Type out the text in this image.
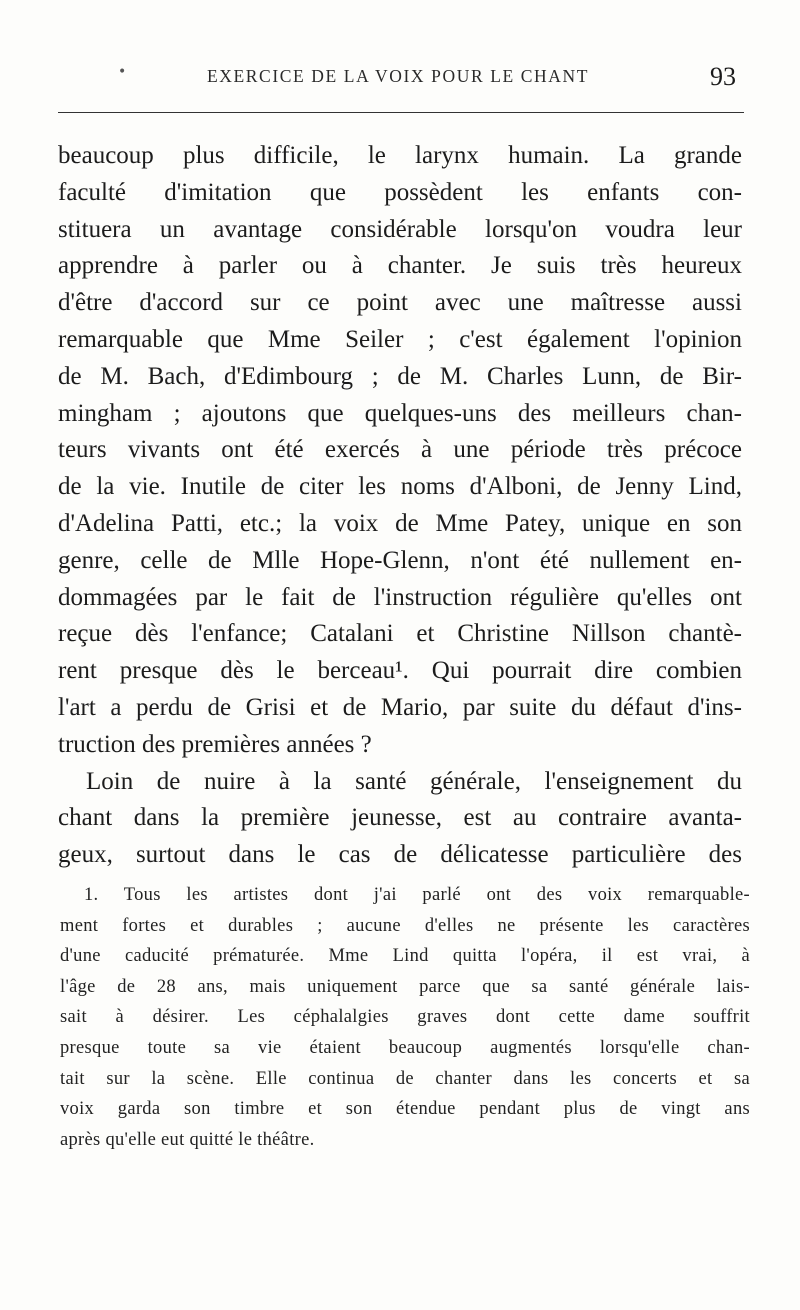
•	EXERCICE DE LA VOIX POUR LE CHANT	93
beaucoup plus difficile, le larynx humain. La grande
faculté d'imitation que possèdent les enfants con-
stituera un avantage considérable lorsqu'on voudra leur
apprendre à parler ou à chanter. Je suis très heureux
d'être d'accord sur ce point avec une maîtresse aussi
remarquable que Mme Seiler ; c'est également l'opinion
de M. Bach, d'Edimbourg ; de M. Charles Lunn, de Bir-
mingham ; ajoutons que quelques-uns des meilleurs chan-
teurs vivants ont été exercés à une période très précoce
de la vie. Inutile de citer les noms d'Alboni, de Jenny Lind,
d'Adelina Patti, etc.; la voix de Mme Patey, unique en son
genre, celle de Mlle Hope-Glenn, n'ont été nullement en-
dommagées par le fait de l'instruction régulière qu'elles ont
reçue dès l'enfance; Catalani et Christine Nillson chantè-
rent presque dès le berceau¹. Qui pourrait dire combien
l'art a perdu de Grisi et de Mario, par suite du défaut d'ins-
truction des premières années ?
Loin de nuire à la santé générale, l'enseignement du
chant dans la première jeunesse, est au contraire avanta-
geux, surtout dans le cas de délicatesse particulière des
1. Tous les artistes dont j'ai parlé ont des voix remarquable-
ment fortes et durables ; aucune d'elles ne présente les caractères
d'une caducité prématurée. Mme Lind quitta l'opéra, il est vrai, à
l'âge de 28 ans, mais uniquement parce que sa santé générale lais-
sait à désirer. Les céphalalgies graves dont cette dame souffrit
presque toute sa vie étaient beaucoup augmentés lorsqu'elle chan-
tait sur la scène. Elle continua de chanter dans les concerts et sa
voix garda son timbre et son étendue pendant plus de vingt ans
après qu'elle eut quitté le théâtre.
